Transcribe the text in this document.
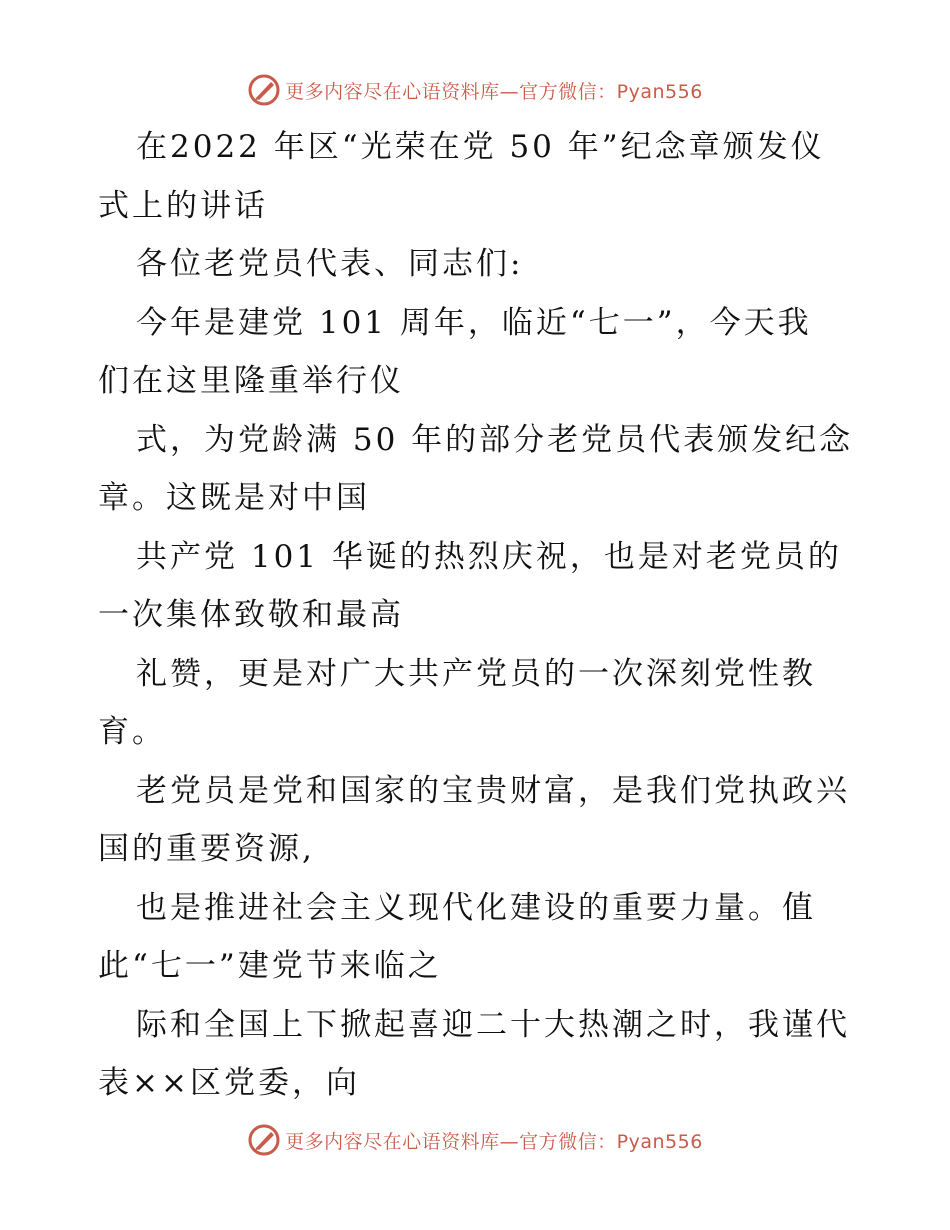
更多内容尽在心语资料库—官方微信：Pyan556
在2022 年区“光荣在党 50 年”纪念章颁发仪
式上的讲话
各位老党员代表、同志们:
今年是建党 101 周年，临近“七一”，今天我
们在这里隆重举行仪
式，为党龄满 50 年的部分老党员代表颁发纪念
章。这既是对中国
共产党 101 华诞的热烈庆祝，也是对老党员的
一次集体致敬和最高
礼赞，更是对广大共产党员的一次深刻党性教
育。
老党员是党和国家的宝贵财富，是我们党执政兴
国的重要资源,
也是推进社会主义现代化建设的重要力量。值
此“七一”建党节来临之
际和全国上下掀起喜迎二十大热潮之时，我谨代
表××区党委，向
更多内容尽在心语资料库—官方微信：Pyan556
